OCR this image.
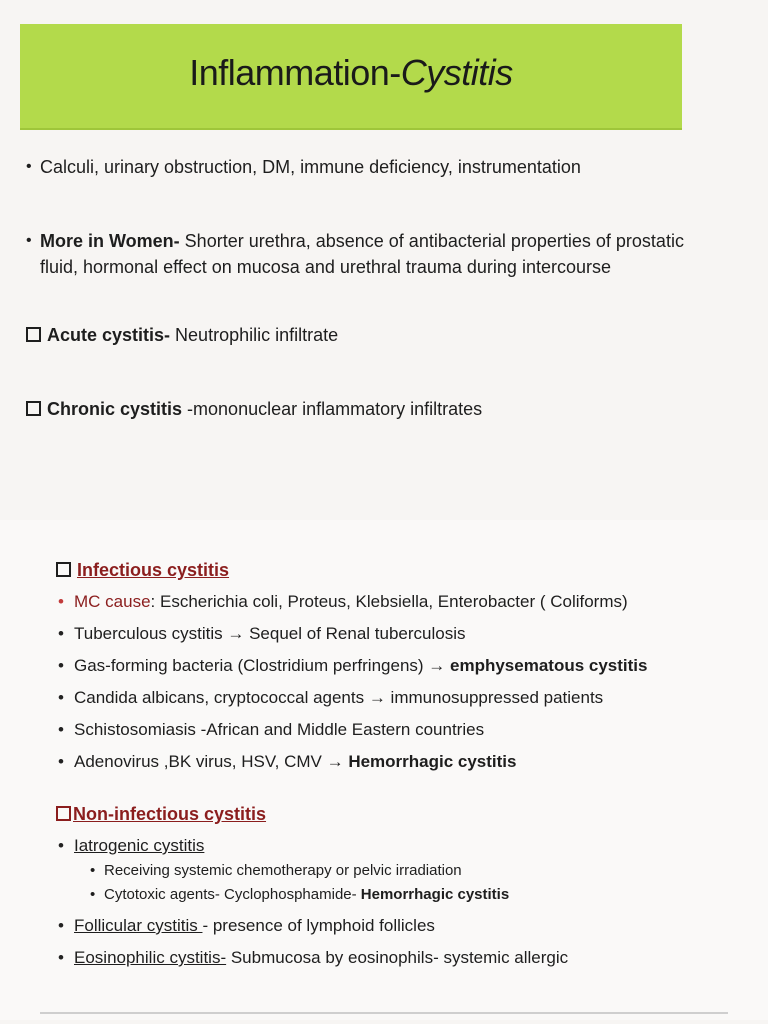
Inflammation-Cystitis
• Calculi, urinary obstruction, DM, immune deficiency, instrumentation
• More in Women- Shorter urethra, absence of antibacterial properties of prostatic
fluid, hormonal effect on mucosa and urethral trauma during intercourse
Acute cystitis- Neutrophilic infiltrate
Chronic cystitis -mononuclear inflammatory infiltrates
Infectious cystitis
• MC cause: Escherichia coli, Proteus, Klebsiella, Enterobacter ( Coliforms)
• Tuberculous cystitis → Sequel of Renal tuberculosis
• Gas-forming bacteria (Clostridium perfringens) → emphysematous cystitis
• Candida albicans, cryptococcal agents → immunosuppressed patients
• Schistosomiasis -African and Middle Eastern countries
• Adenovirus ,BK virus, HSV, CMV → Hemorrhagic cystitis
Non-infectious cystitis
• Iatrogenic cystitis
• Receiving systemic chemotherapy or pelvic irradiation
• Cytotoxic agents- Cyclophosphamide- Hemorrhagic cystitis
• Follicular cystitis - presence of lymphoid follicles
• Eosinophilic cystitis- Submucosa by eosinophils- systemic allergic
